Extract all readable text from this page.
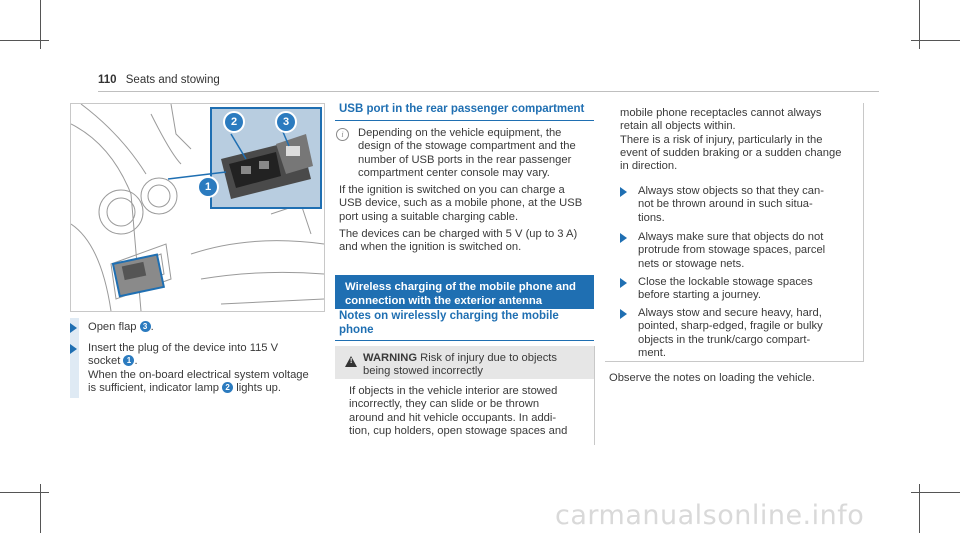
110 Seats and stowing
1
2	3
Open flap 3 .
Insert the plug of the device into 115 V
socket 1 .
When the on-board electrical system voltage
is sufficient, indicator lamp 2 lights up.
USB port in the rear passenger compartment
i	Depending on the vehicle equipment, the
design of the stowage compartment and the
number of USB ports in the rear passenger
compartment center console may vary.
If the ignition is switched on you can charge a
USB device, such as a mobile phone, at the USB
port using a suitable charging cable.
The devices can be charged with 5 V (up to 3 A)
and when the ignition is switched on.
Wireless charging of the mobile phone and
connection with the exterior antenna
Notes on wirelessly charging the mobile
phone
! WARNING Risk of injury due to objects
being stowed incorrectly
If objects in the vehicle interior are stowed
incorrectly, they can slide or be thrown
around and hit vehicle occupants. In addi-
tion, cup holders, open stowage spaces and
mobile phone receptacles cannot always
retain all objects within.
There is a risk of injury, particularly in the
event of sudden braking or a sudden change
in direction.
Always stow objects so that they can-
not be thrown around in such situa-
tions.
Always make sure that objects do not
protrude from stowage spaces, parcel
nets or stowage nets.
Close the lockable stowage spaces
before starting a journey.
Always stow and secure heavy, hard,
pointed, sharp-edged, fragile or bulky
objects in the trunk/cargo compart-
ment.
Observe the notes on loading the vehicle.
carmanualsonline.info
